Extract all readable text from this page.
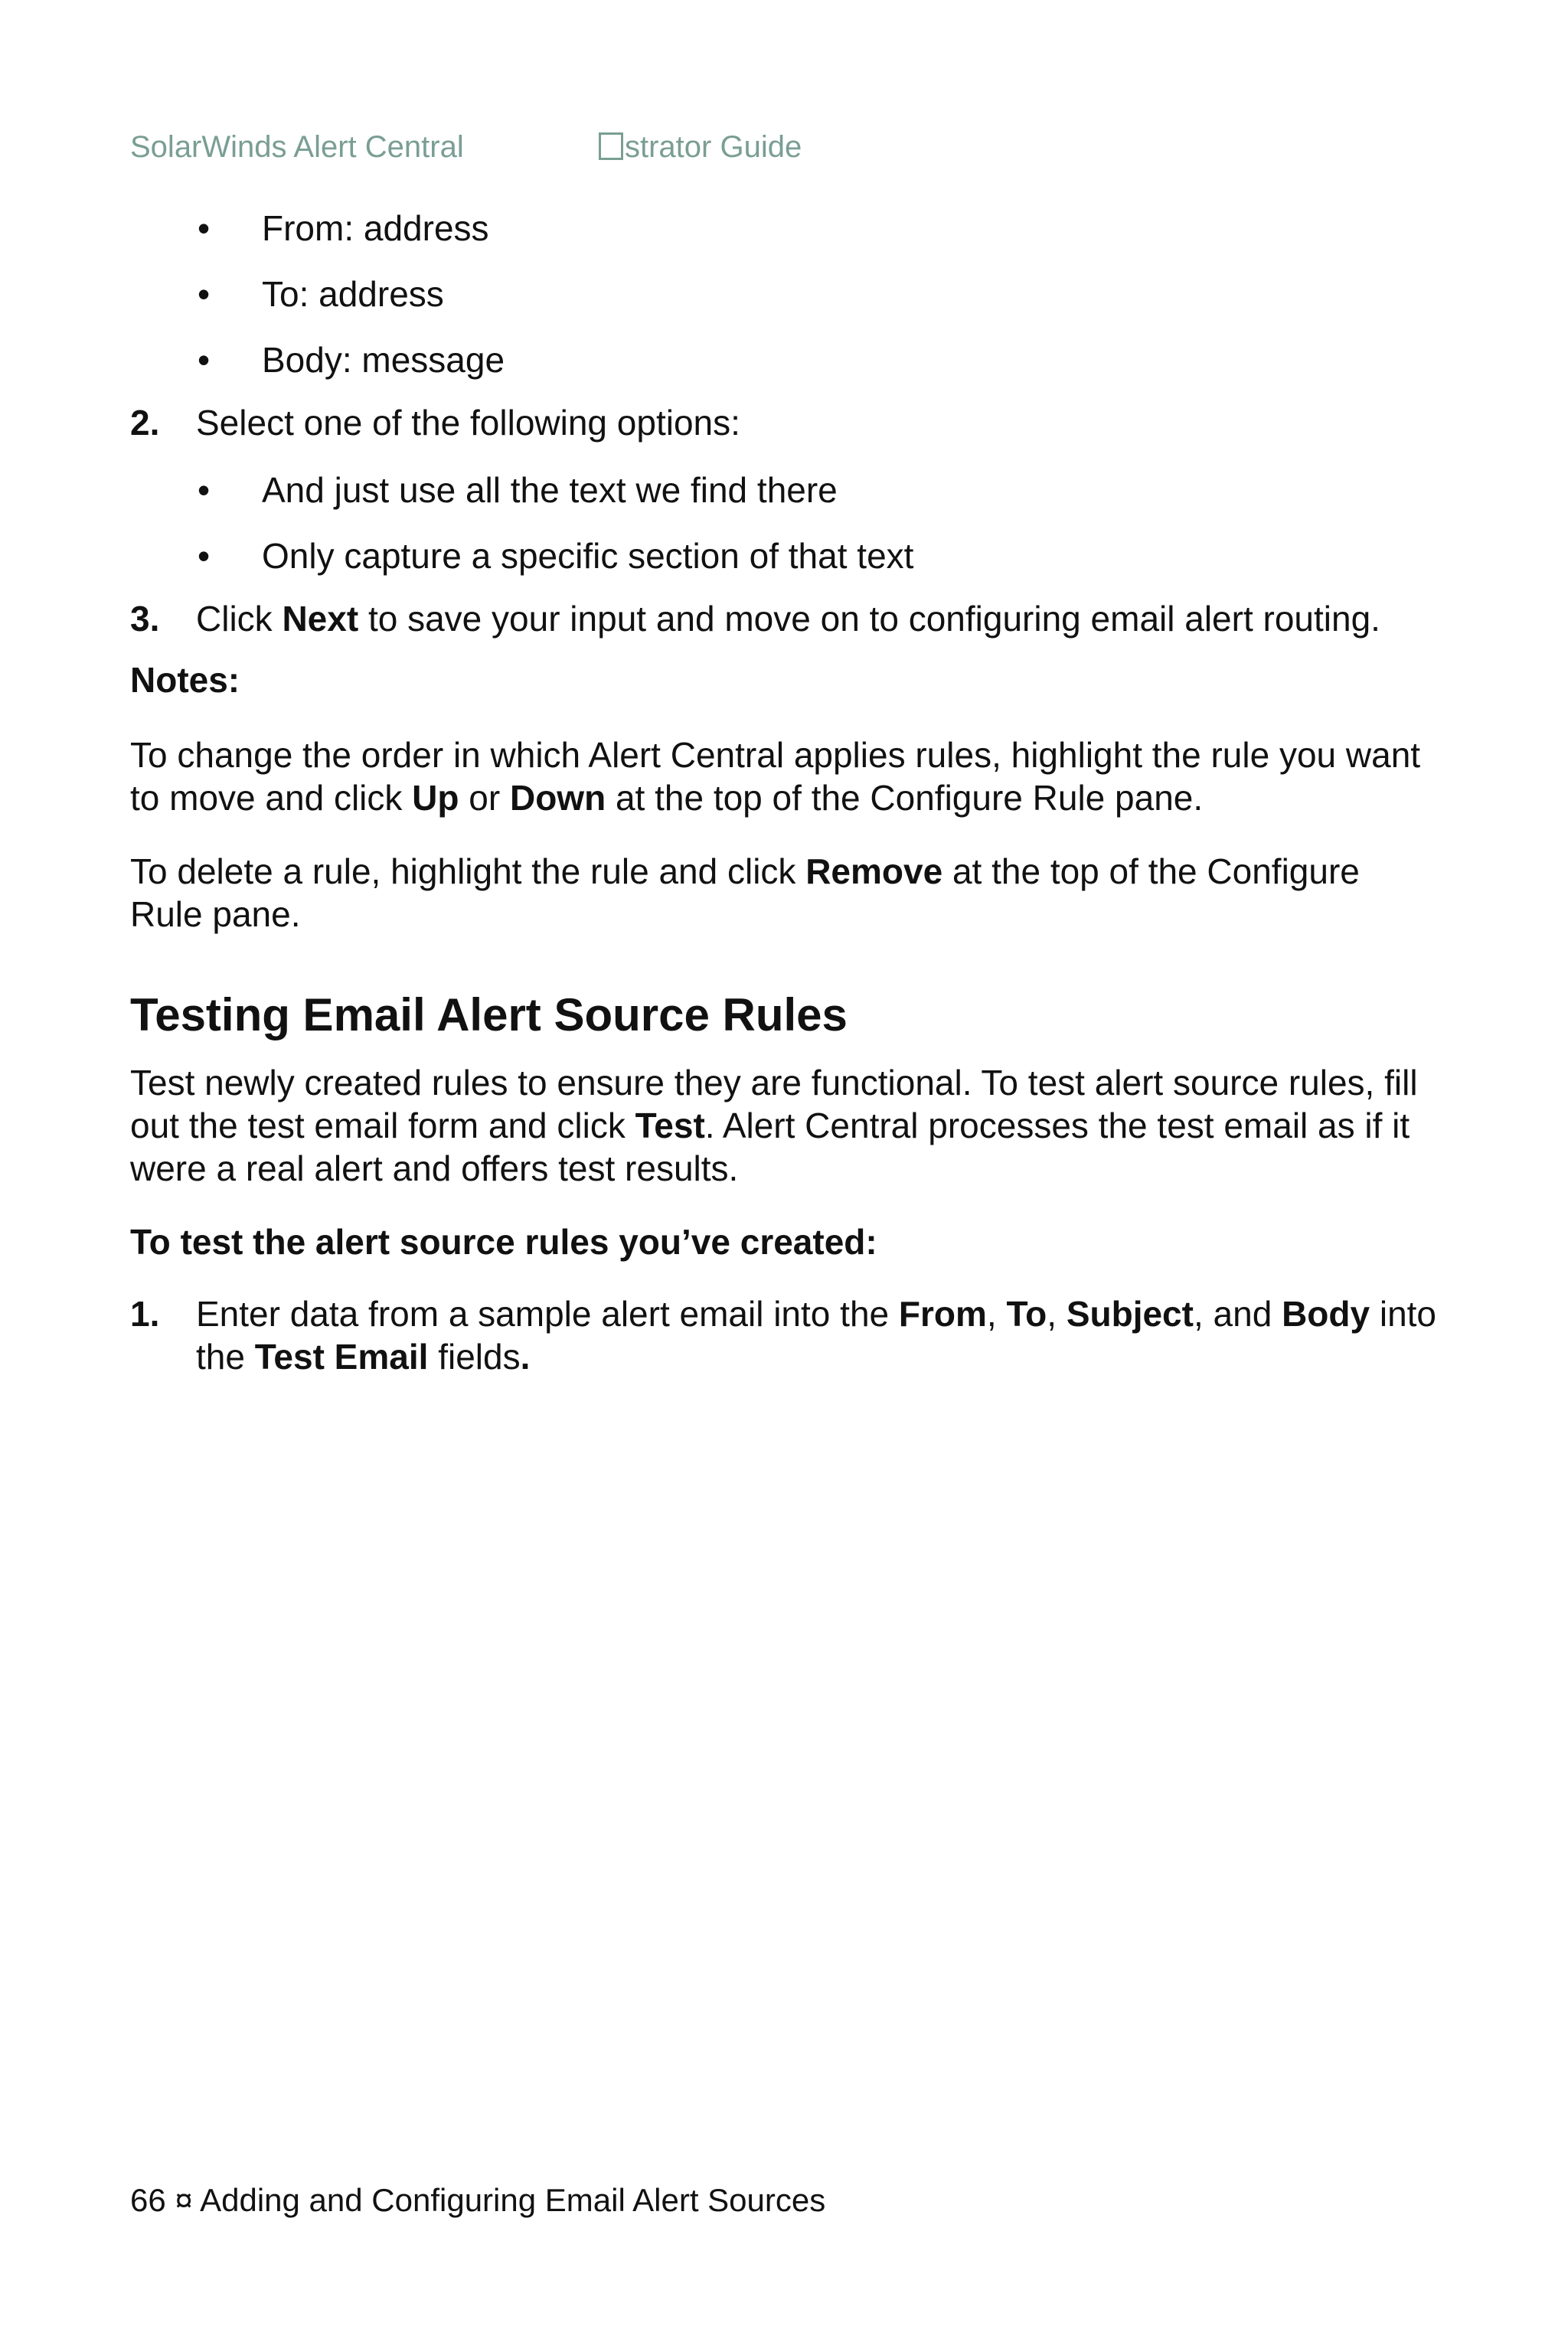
SolarWinds Alert Central	strator Guide
• From: address
• To: address
• Body: message
2. Select one of the following options:
• And just use all the text we find there
• Only capture a specific section of that text
3. Click Next to save your input and move on to configuring email alert routing.
Notes:

To change the order in which Alert Central applies rules, highlight the rule you want to move and click Up or Down at the top of the Configure Rule pane.

To delete a rule, highlight the rule and click Remove at the top of the Configure Rule pane.

Testing Email Alert Source Rules

Test newly created rules to ensure they are functional. To test alert source rules, fill out the test email form and click Test. Alert Central processes the test email as if it were a real alert and offers test results.

To test the alert source rules you’ve created:
1. Enter data from a sample alert email into the From, To, Subject, and Body into the Test Email fields.
66 ¤ Adding and Configuring Email Alert Sources
